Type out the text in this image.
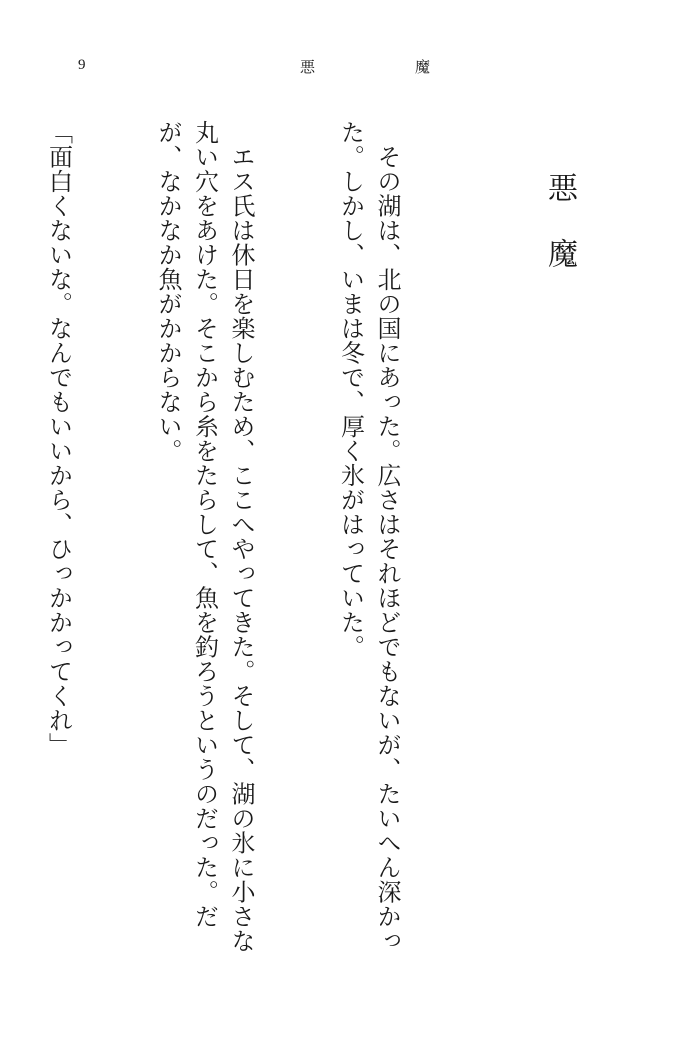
9	悪	魔
悪魔

　その湖は、北の国にあった。広さはそれほどでもないが、たいへん深かった。しかし、いまは冬で、厚く氷がはっていた。

　エス氏は休日を楽しむため、ここへやってきた。そして、湖の氷に小さな丸い穴をあけた。そこから糸をたらして、魚を釣ろうというのだった。だが、なかなか魚がかからない。

「面白くないな。なんでもいいから、ひっかかってくれ」
